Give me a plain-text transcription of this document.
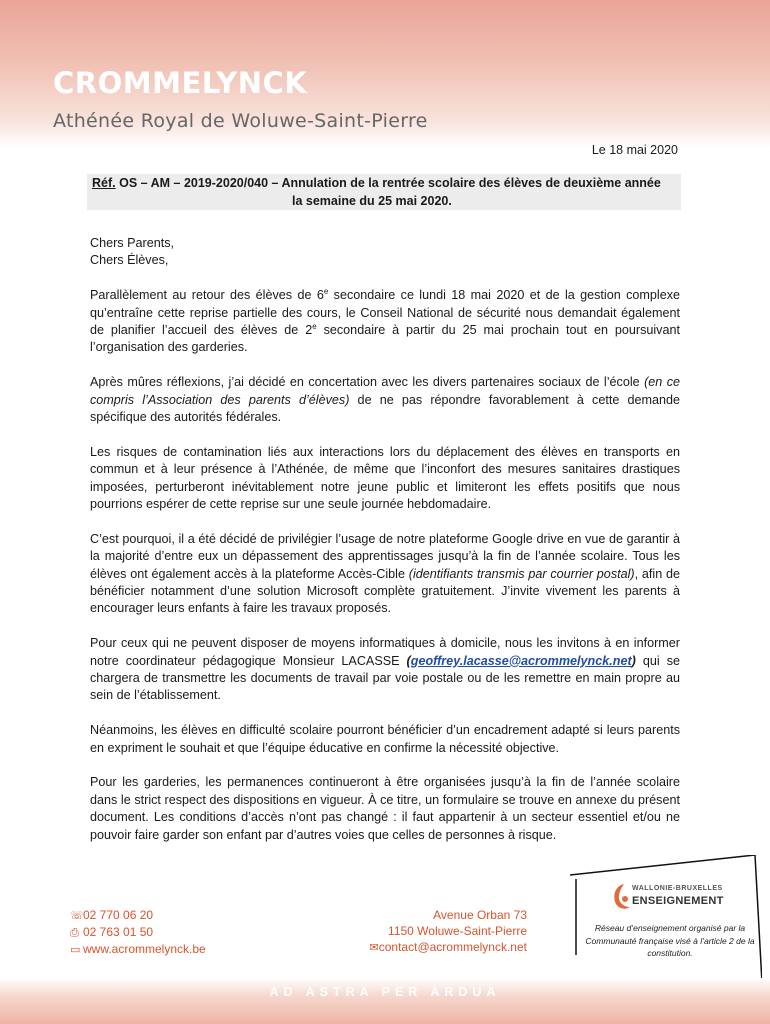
CROMMELYNCK
Athénée Royal de Woluwe-Saint-Pierre
Le 18 mai 2020
Réf. OS – AM – 2019-2020/040 – Annulation de la rentrée scolaire des élèves de deuxième année
la semaine du 25 mai 2020.
Chers Parents,
Chers Élèves,

Parallèlement au retour des élèves de 6e secondaire ce lundi 18 mai 2020 et de la gestion complexe qu’entraîne cette reprise partielle des cours, le Conseil National de sécurité nous demandait également de planifier l’accueil des élèves de 2e secondaire à partir du 25 mai prochain tout en poursuivant l’organisation des garderies.

Après mûres réflexions, j’ai décidé en concertation avec les divers partenaires sociaux de l’école (en ce compris l’Association des parents d’élèves) de ne pas répondre favorablement à cette demande spécifique des autorités fédérales.

Les risques de contamination liés aux interactions lors du déplacement des élèves en transports en commun et à leur présence à l’Athénée, de même que l’inconfort des mesures sanitaires drastiques imposées, perturberont inévitablement notre jeune public et limiteront les effets positifs que nous pourrions espérer de cette reprise sur une seule journée hebdomadaire.

C’est pourquoi, il a été décidé de privilégier l’usage de notre plateforme Google drive en vue de garantir à la majorité d’entre eux un dépassement des apprentissages jusqu’à la fin de l’année scolaire. Tous les élèves ont également accès à la plateforme Accès-Cible (identifiants transmis par courrier postal), afin de bénéficier notamment d’une solution Microsoft complète gratuitement. J’invite vivement les parents à encourager leurs enfants à faire les travaux proposés.

Pour ceux qui ne peuvent disposer de moyens informatiques à domicile, nous les invitons à en informer notre coordinateur pédagogique Monsieur LACASSE (geoffrey.lacasse@acrommelynck.net) qui se chargera de transmettre les documents de travail par voie postale ou de les remettre en main propre au sein de l’établissement.

Néanmoins, les élèves en difficulté scolaire pourront bénéficier d’un encadrement adapté si leurs parents en expriment le souhait et que l’équipe éducative en confirme la nécessité objective.

Pour les garderies, les permanences continueront à être organisées jusqu’à la fin de l’année scolaire dans le strict respect des dispositions en vigueur. À ce titre, un formulaire se trouve en annexe du présent document. Les conditions d’accès n’ont pas changé : il faut appartenir à un secteur essentiel et/ou ne pouvoir faire garder son enfant par d’autres voies que celles de personnes à risque.

☏02 770 06 20
⎙ 02 763 01 50
▭ www.acrommelynck.be
Avenue Orban 73
1150 Woluwe-Saint-Pierre
✉contact@acrommelynck.net
WALLONIE-BRUXELLES
ENSEIGNEMENT
Réseau d’enseignement organisé par la Communauté française visé à l’article 2 de la constitution.
AD ASTRA PER ARDUA
